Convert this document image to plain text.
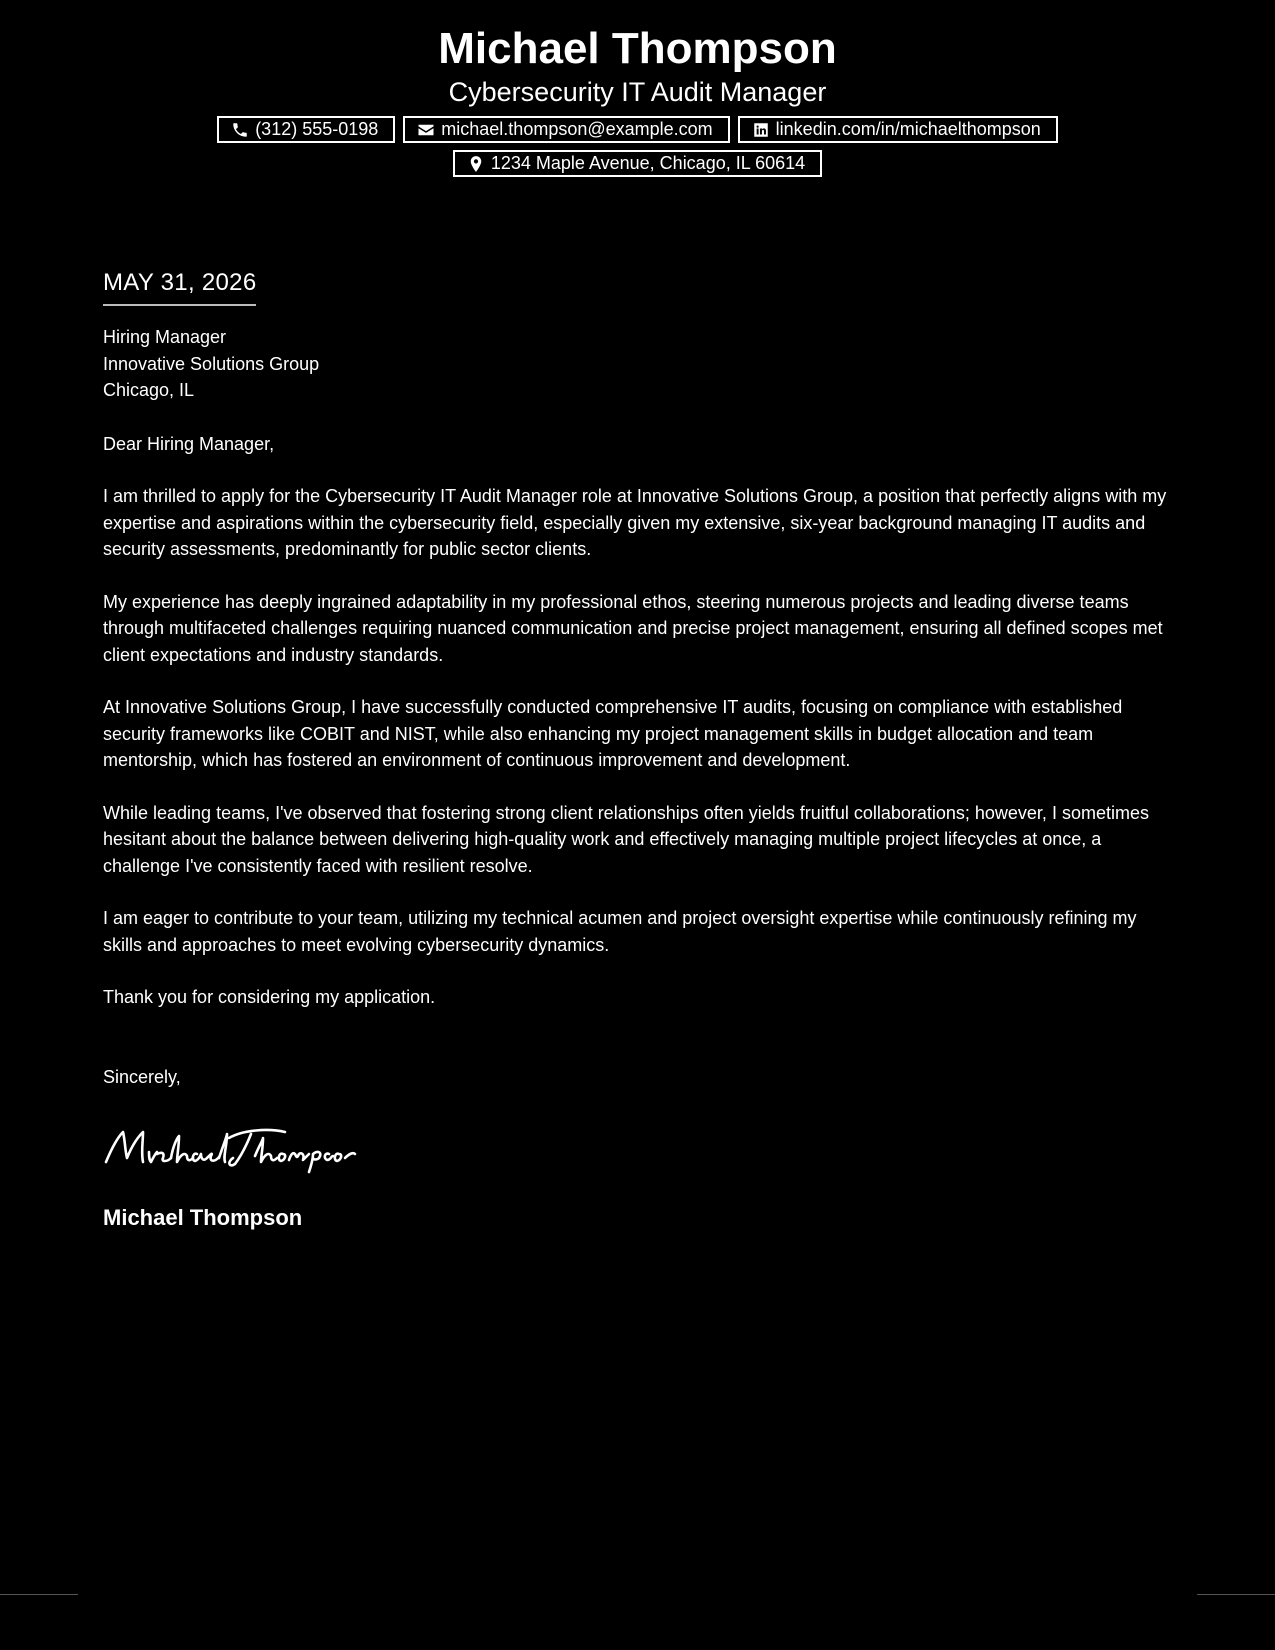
Michael Thompson
Cybersecurity IT Audit Manager
(312) 555-0198	michael.thompson@example.com	linkedin.com/in/michaelthompson
1234 Maple Avenue, Chicago, IL 60614
MAY 31, 2026
Hiring Manager
Innovative Solutions Group
Chicago, IL
Dear Hiring Manager,

I am thrilled to apply for the Cybersecurity IT Audit Manager role at Innovative Solutions Group, a position that perfectly aligns with my expertise and aspirations within the cybersecurity field, especially given my extensive, six-year background managing IT audits and security assessments, predominantly for public sector clients.

My experience has deeply ingrained adaptability in my professional ethos, steering numerous projects and leading diverse teams through multifaceted challenges requiring nuanced communication and precise project management, ensuring all defined scopes met client expectations and industry standards.

At Innovative Solutions Group, I have successfully conducted comprehensive IT audits, focusing on compliance with established security frameworks like COBIT and NIST, while also enhancing my project management skills in budget allocation and team mentorship, which has fostered an environment of continuous improvement and development.

While leading teams, I've observed that fostering strong client relationships often yields fruitful collaborations; however, I sometimes hesitant about the balance between delivering high-quality work and effectively managing multiple project lifecycles at once, a challenge I've consistently faced with resilient resolve.

I am eager to contribute to your team, utilizing my technical acumen and project oversight expertise while continuously refining my skills and approaches to meet evolving cybersecurity dynamics.

Thank you for considering my application.

Sincerely,
Michael Thompson
